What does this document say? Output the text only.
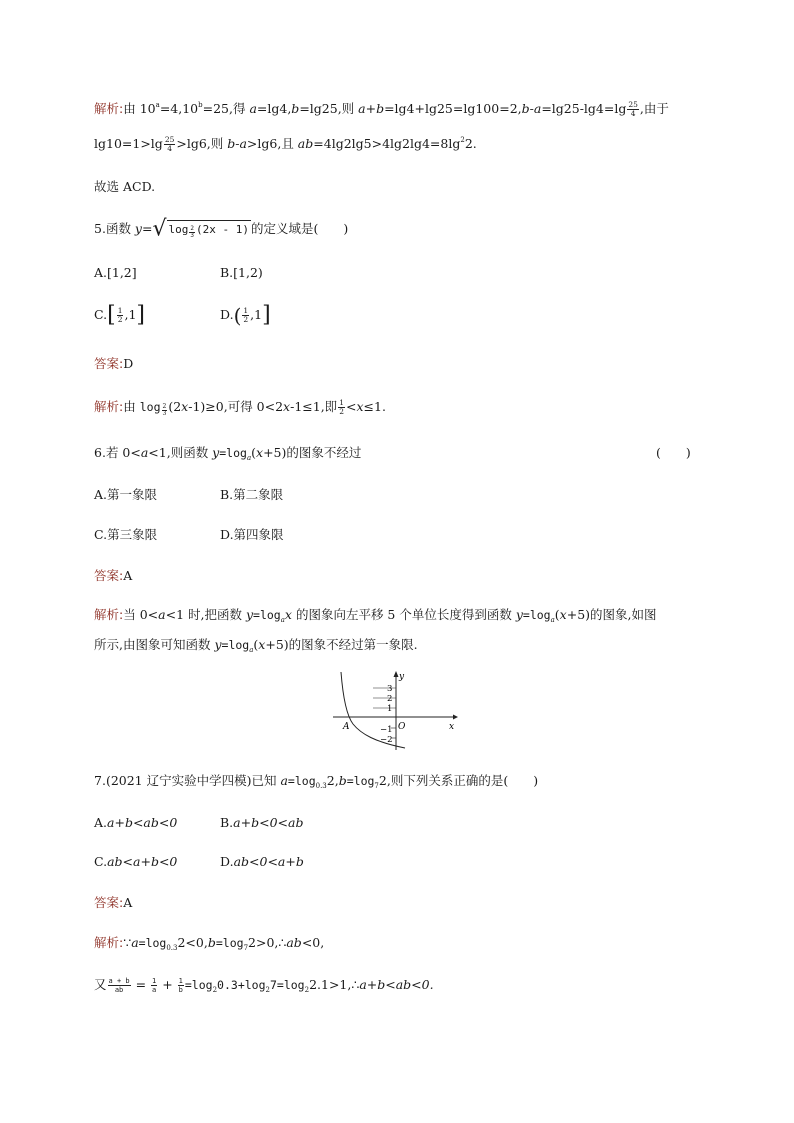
解析:由 $10^a=4,10^b=25$,得 a=lg4,b=lg25,则 $a+b=\lg 4+\lg 25=\lg 100=2,b-a=\lg 25-\lg 4=\lg \frac{25}{4}$ ,由于
$\lg 10=1>\lg \frac{25}{4} >\lg 6$,则 b-a>lg6,且 $ab=4\lg 2\lg 5>4\lg 2\lg 4=8\lg^22$.
故选 ACD.
5.函数 y=√ $\log \frac{2}{3} (2x - 1)$ 的定义域是(　　)
A.[1,2]	B.[1,2)
$C.[ \frac{1}{2} ,1]$	$D.( \frac{1}{2} ,1]$
答案:D
解析:由 $\log \frac{2}{3} (2x-1)\ge 0$,可得 0<2x-1≤1,即 $\frac{1}{2} <x\le 1$.
6.若 0<a<1,则函数 $y=\log_a(x+5)$的图象不经过	(　　)
A.第一象限	B.第二象限
C.第三象限	D.第四象限
答案:A
解析:当 0<a<1 时,把函数 $y=\log_ax$ 的图象向左平移 5 个单位长度得到函数 $y=\log_a(x+5)$的图象,如图
所示,由图象可知函数 $y=\log_a(x+5)$的图象不经过第一象限.
y
x
O
A
3
2
1
−1
−2
7.(2021 辽宁实验中学四模)已知 $a=\log_{0.3}2,b=\log_72$,则下列关系正确的是(　　)
A.a+b<ab<0	B.a+b<0<ab
C.ab<a+b<0	D.ab<0<a+b
答案:A
解析$:\because a=\log_{0.3}2<0,b=\log_72>0,\therefore ab<0$,
又 $\frac{a + b}{ab} = \frac{1}{a} + \frac{1}{b}$ $=\log_20.3+\log_27=\log_22.1>1,\therefore a+b<ab<0$.
